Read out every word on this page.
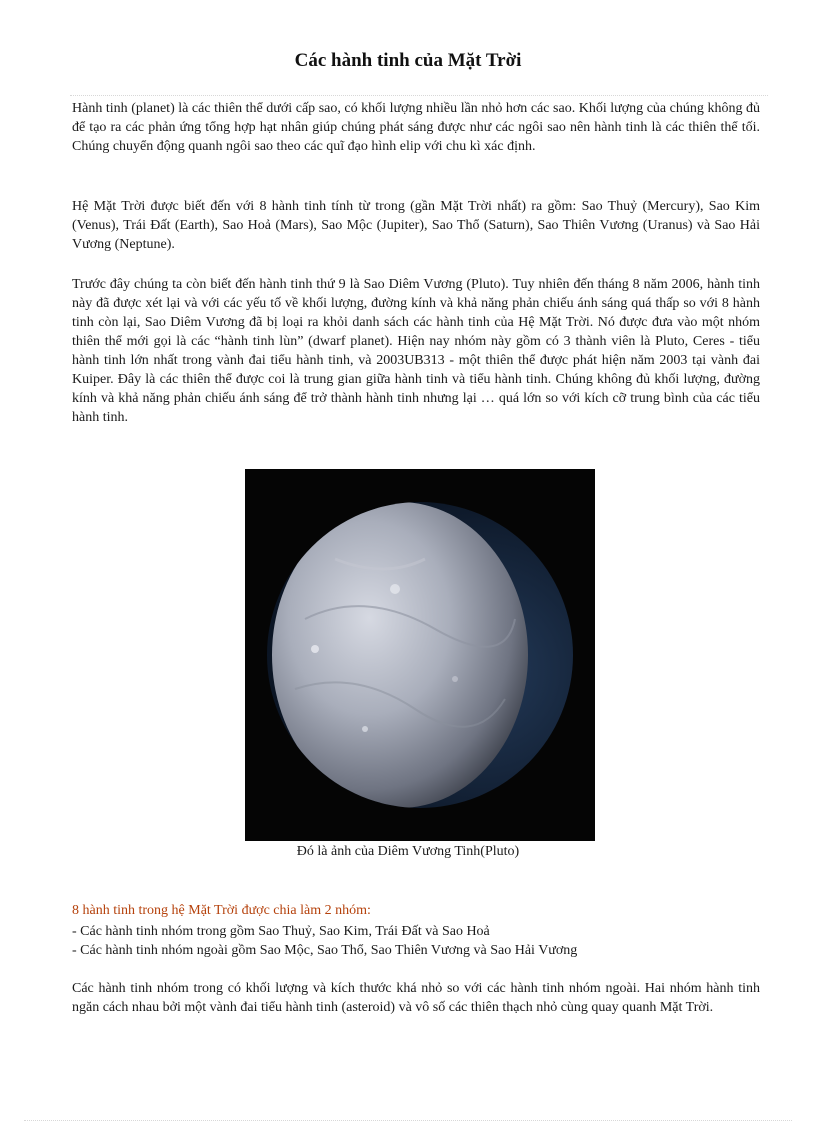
Các hành tinh của Mặt Trời

Hành tinh (planet) là các thiên thể dưới cấp sao, có khối lượng nhiều lần nhỏ hơn các sao. Khối lượng của chúng không đủ để tạo ra các phản ứng tổng hợp hạt nhân giúp chúng phát sáng được như các ngôi sao nên hành tinh là các thiên thể tối. Chúng chuyển động quanh ngôi sao theo các quĩ đạo hình elip với chu kì xác định.

Hệ Mặt Trời được biết đến với 8 hành tinh tính từ trong (gần Mặt Trời nhất) ra gồm: Sao Thuỷ (Mercury), Sao Kim (Venus), Trái Đất (Earth), Sao Hoả (Mars), Sao Mộc (Jupiter), Sao Thổ (Saturn), Sao Thiên Vương (Uranus) và Sao Hải Vương (Neptune).

Trước đây chúng ta còn biết đến hành tinh thứ 9 là Sao Diêm Vương (Pluto). Tuy nhiên đến tháng 8 năm 2006, hành tinh này đã được xét lại và với các yếu tố về khối lượng, đường kính và khả năng phản chiếu ánh sáng quá thấp so với 8 hành tinh còn lại, Sao Diêm Vương đã bị loại ra khỏi danh sách các hành tinh của Hệ Mặt Trời. Nó được đưa vào một nhóm thiên thể mới gọi là các “hành tinh lùn” (dwarf planet). Hiện nay nhóm này gồm có 3 thành viên là Pluto, Ceres - tiểu hành tinh lớn nhất trong vành đai tiểu hành tinh, và 2003UB313 - một thiên thể được phát hiện năm 2003 tại vành đai Kuiper. Đây là các thiên thể được coi là trung gian giữa hành tinh và tiểu hành tinh. Chúng không đủ khối lượng, đường kính và khả năng phản chiếu ánh sáng để trở thành hành tinh nhưng lại … quá lớn so với kích cỡ trung bình của các tiểu hành tinh.

Đó là ảnh của Diêm Vương Tinh(Pluto)
8 hành tinh trong hệ Mặt Trời được chia làm 2 nhóm:
- Các hành tinh nhóm trong gồm Sao Thuỷ, Sao Kim, Trái Đất và Sao Hoả
- Các hành tinh nhóm ngoài gồm Sao Mộc, Sao Thổ, Sao Thiên Vương và Sao Hải Vương

Các hành tinh nhóm trong có khối lượng và kích thước khá nhỏ so với các hành tinh nhóm ngoài. Hai nhóm hành tinh ngăn cách nhau bởi một vành đai tiểu hành tinh (asteroid) và vô số các thiên thạch nhỏ cùng quay quanh Mặt Trời.
